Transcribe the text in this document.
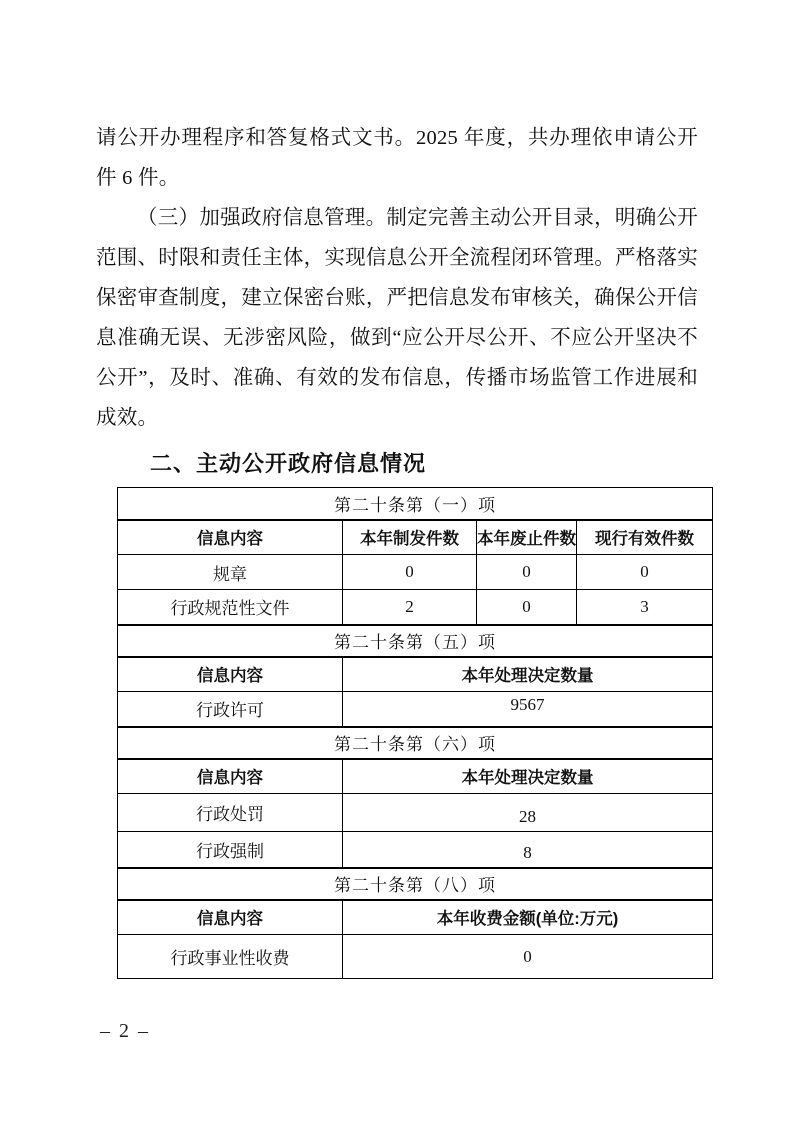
请公开办理程序和答复格式文书。2025 年度，共办理依申请公开件 6 件。

（三）加强政府信息管理。制定完善主动公开目录，明确公开范围、时限和责任主体，实现信息公开全流程闭环管理。严格落实保密审查制度，建立保密台账，严把信息发布审核关，确保公开信息准确无误、无涉密风险，做到“应公开尽公开、不应公开坚决不公开”，及时、准确、有效的发布信息，传播市场监管工作进展和成效。

二、主动公开政府信息情况
第二十条第（一）项			
信息内容	本年制发件数	本年废止件数	现行有效件数
规章	0	0	0
行政规范性文件	2	0	3
第二十条第（五）项			
信息内容	本年处理决定数量		
行政许可	9567		
第二十条第（六）项			
信息内容	本年处理决定数量		
行政处罚	28		
行政强制	8		
第二十条第（八）项			
信息内容	本年收费金额(单位:万元)		
行政事业性收费	0		
– 2 –
